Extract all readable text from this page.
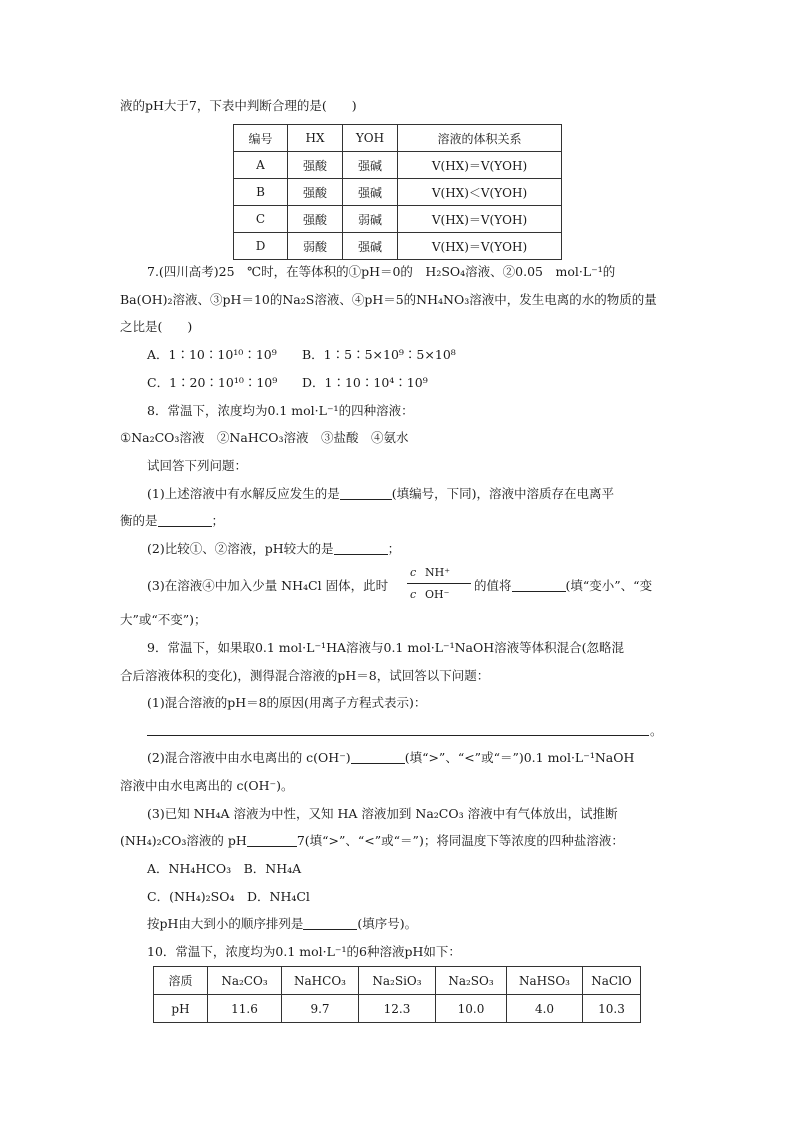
液的pH大于7，下表中判断合理的是(　　)
编号	HX	YOH	溶液的体积关系
A	强酸	强碱	V(HX)＝V(YOH)
B	强酸	强碱	V(HX)＜V(YOH)
C	强酸	弱碱	V(HX)＝V(YOH)
D	弱酸	强碱	V(HX)＝V(YOH)
7.(四川高考)25　℃时，在等体积的①pH＝0的　H₂SO₄溶液、②0.05　mol·L⁻¹的
Ba(OH)₂溶液、③pH＝10的Na₂S溶液、④pH＝5的NH₄NO₃溶液中，发生电离的水的物质的量
之比是(　　)
A．1∶10∶10¹⁰∶10⁹ B．1∶5∶5×10⁹∶5×10⁸
C．1∶20∶10¹⁰∶10⁹ D．1∶10∶10⁴∶10⁹
8．常温下，浓度均为0.1 mol·L⁻¹的四种溶液：
①Na₂CO₃溶液　②NaHCO₃溶液　③盐酸　④氨水
试回答下列问题：
(1)上述溶液中有水解反应发生的是	(填编号，下同)，溶液中溶质存在电离平
衡的是	；
(2)比较①、②溶液，pH较大的是	；
(3)在溶液④中加入少量 NH₄Cl 固体，此时
c NH⁺
c OH⁻
的值将	(填“变小”、“变
大”或“不变”)；
9．常温下，如果取0.1 mol·L⁻¹HA溶液与0.1 mol·L⁻¹NaOH溶液等体积混合(忽略混
合后溶液体积的变化)，测得混合溶液的pH＝8，试回答以下问题：
(1)混合溶液的pH＝8的原因(用离子方程式表示)：
。
(2)混合溶液中由水电离出的 c(OH⁻)	(填“>”、“<”或“＝”)0.1 mol·L⁻¹NaOH
溶液中由水电离出的 c(OH⁻)。
(3)已知 NH₄A 溶液为中性，又知 HA 溶液加到 Na₂CO₃ 溶液中有气体放出，试推断
(NH₄)₂CO₃溶液的 pH	7(填“>”、“<”或“＝”)；将同温度下等浓度的四种盐溶液：
A．NH₄HCO₃　B．NH₄A
C．(NH₄)₂SO₄　D．NH₄Cl
按pH由大到小的顺序排列是	(填序号)。
10．常温下，浓度均为0.1 mol·L⁻¹的6种溶液pH如下：
溶质	Na₂CO₃	NaHCO₃	Na₂SiO₃	Na₂SO₃	NaHSO₃	NaClO
pH	11.6	9.7	12.3	10.0	4.0	10.3
